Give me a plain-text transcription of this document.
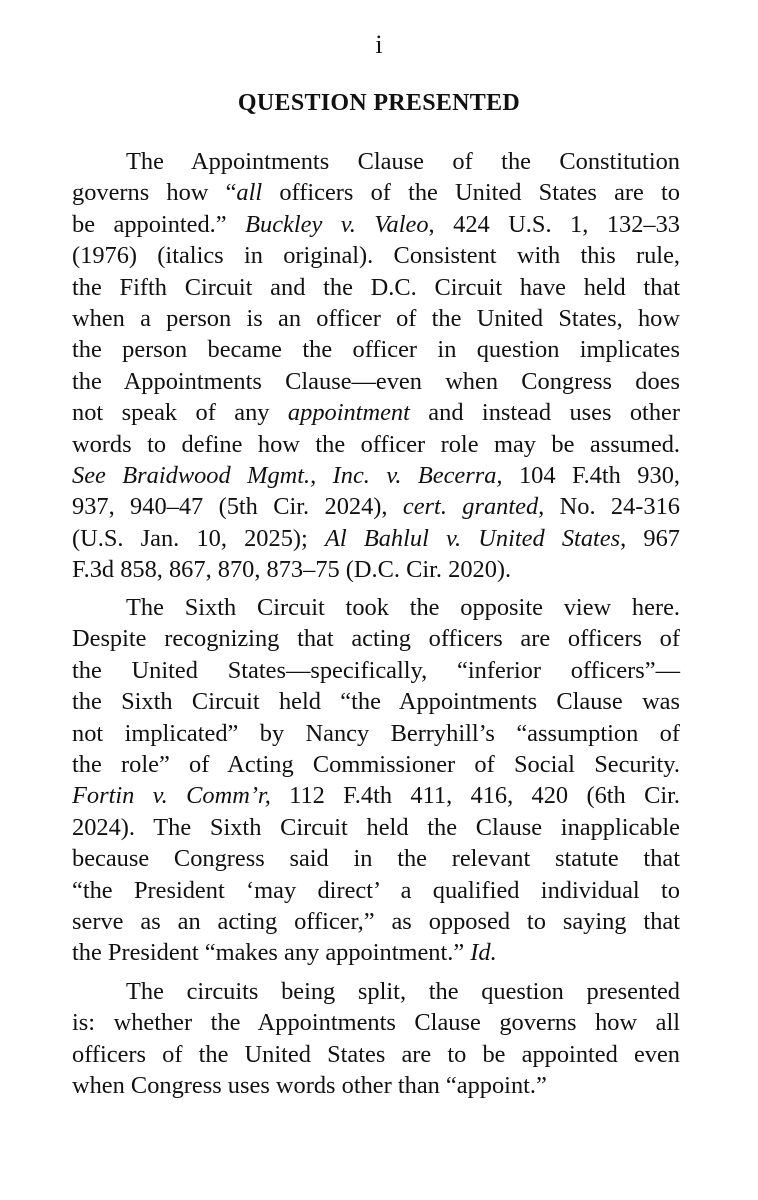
i
QUESTION PRESENTED
The Appointments Clause of the Constitution
governs how “all officers of the United States are to
be appointed.” Buckley v. Valeo, 424 U.S. 1, 132–33
(1976) (italics in original). Consistent with this rule,
the Fifth Circuit and the D.C. Circuit have held that
when a person is an officer of the United States, how
the person became the officer in question implicates
the Appointments Clause—even when Congress does
not speak of any appointment and instead uses other
words to define how the officer role may be assumed.
See Braidwood Mgmt., Inc. v. Becerra, 104 F.4th 930,
937, 940–47 (5th Cir. 2024), cert. granted, No. 24-316
(U.S. Jan. 10, 2025); Al Bahlul v. United States, 967
F.3d 858, 867, 870, 873–75 (D.C. Cir. 2020).
The Sixth Circuit took the opposite view here.
Despite recognizing that acting officers are officers of
the United States—specifically, “inferior officers”—
the Sixth Circuit held “the Appointments Clause was
not implicated” by Nancy Berryhill’s “assumption of
the role” of Acting Commissioner of Social Security.
Fortin v. Comm’r, 112 F.4th 411, 416, 420 (6th Cir.
2024). The Sixth Circuit held the Clause inapplicable
because Congress said in the relevant statute that
“the President ‘may direct’ a qualified individual to
serve as an acting officer,” as opposed to saying that
the President “makes any appointment.” Id.
The circuits being split, the question presented
is: whether the Appointments Clause governs how all
officers of the United States are to be appointed even
when Congress uses words other than “appoint.”
